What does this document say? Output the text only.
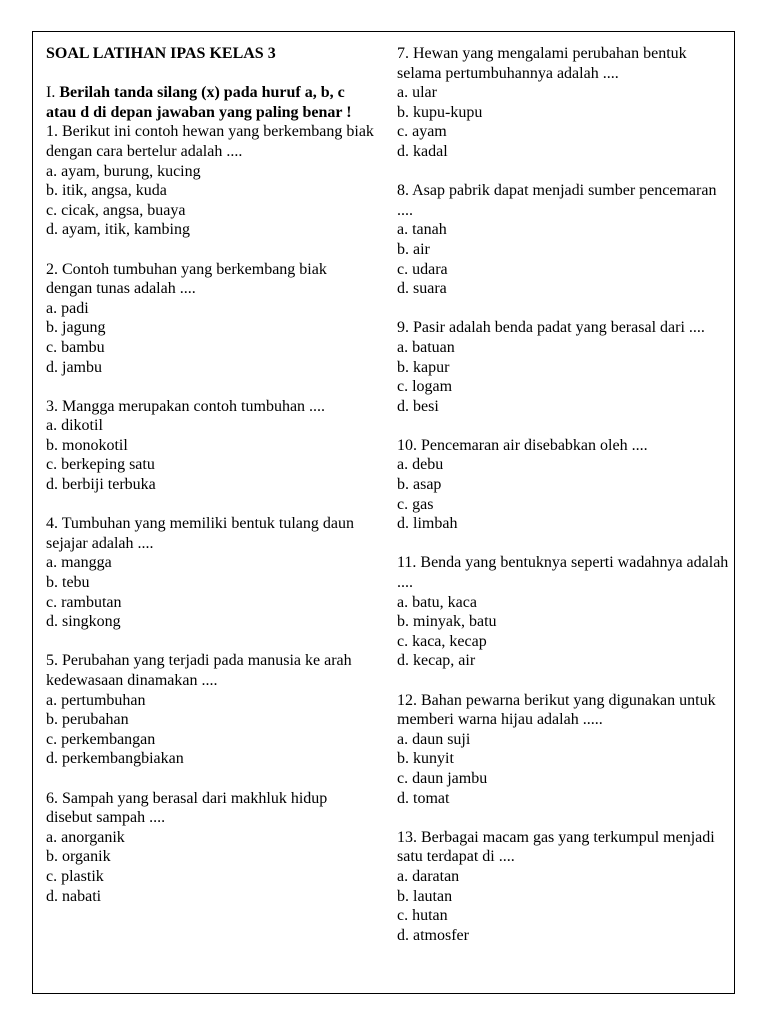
SOAL LATIHAN IPAS KELAS 3
I. Berilah tanda silang (x) pada huruf a, b, c atau d di depan jawaban yang paling benar !
1. Berikut ini contoh hewan yang berkembang biak dengan cara bertelur adalah ....
a. ayam, burung, kucing
b. itik, angsa, kuda
c. cicak, angsa, buaya
d. ayam, itik, kambing
2. Contoh tumbuhan yang berkembang biak dengan tunas adalah ....
a. padi
b. jagung
c. bambu
d. jambu
3. Mangga merupakan contoh tumbuhan ....
a. dikotil
b. monokotil
c. berkeping satu
d. berbiji terbuka
4. Tumbuhan yang memiliki bentuk tulang daun sejajar adalah ....
a. mangga
b. tebu
c. rambutan
d. singkong
5. Perubahan yang terjadi pada manusia ke arah kedewasaan dinamakan ....
a. pertumbuhan
b. perubahan
c. perkembangan
d. perkembangbiakan
6. Sampah yang berasal dari makhluk hidup disebut sampah ....
a. anorganik
b. organik
c. plastik
d. nabati
7. Hewan yang mengalami perubahan bentuk selama pertumbuhannya adalah ....
a. ular
b. kupu-kupu
c. ayam
d. kadal
8. Asap pabrik dapat menjadi sumber pencemaran ....
a. tanah
b. air
c. udara
d. suara
9. Pasir adalah benda padat yang berasal dari ....
a. batuan
b. kapur
c. logam
d. besi
10. Pencemaran air disebabkan oleh ....
a. debu
b. asap
c. gas
d. limbah
11. Benda yang bentuknya seperti wadahnya adalah ....
a. batu, kaca
b. minyak, batu
c. kaca, kecap
d. kecap, air
12. Bahan pewarna berikut yang digunakan untuk memberi warna hijau adalah .....
a. daun suji
b. kunyit
c. daun jambu
d. tomat
13. Berbagai macam gas yang terkumpul menjadi satu terdapat di ....
a. daratan
b. lautan
c. hutan
d. atmosfer
